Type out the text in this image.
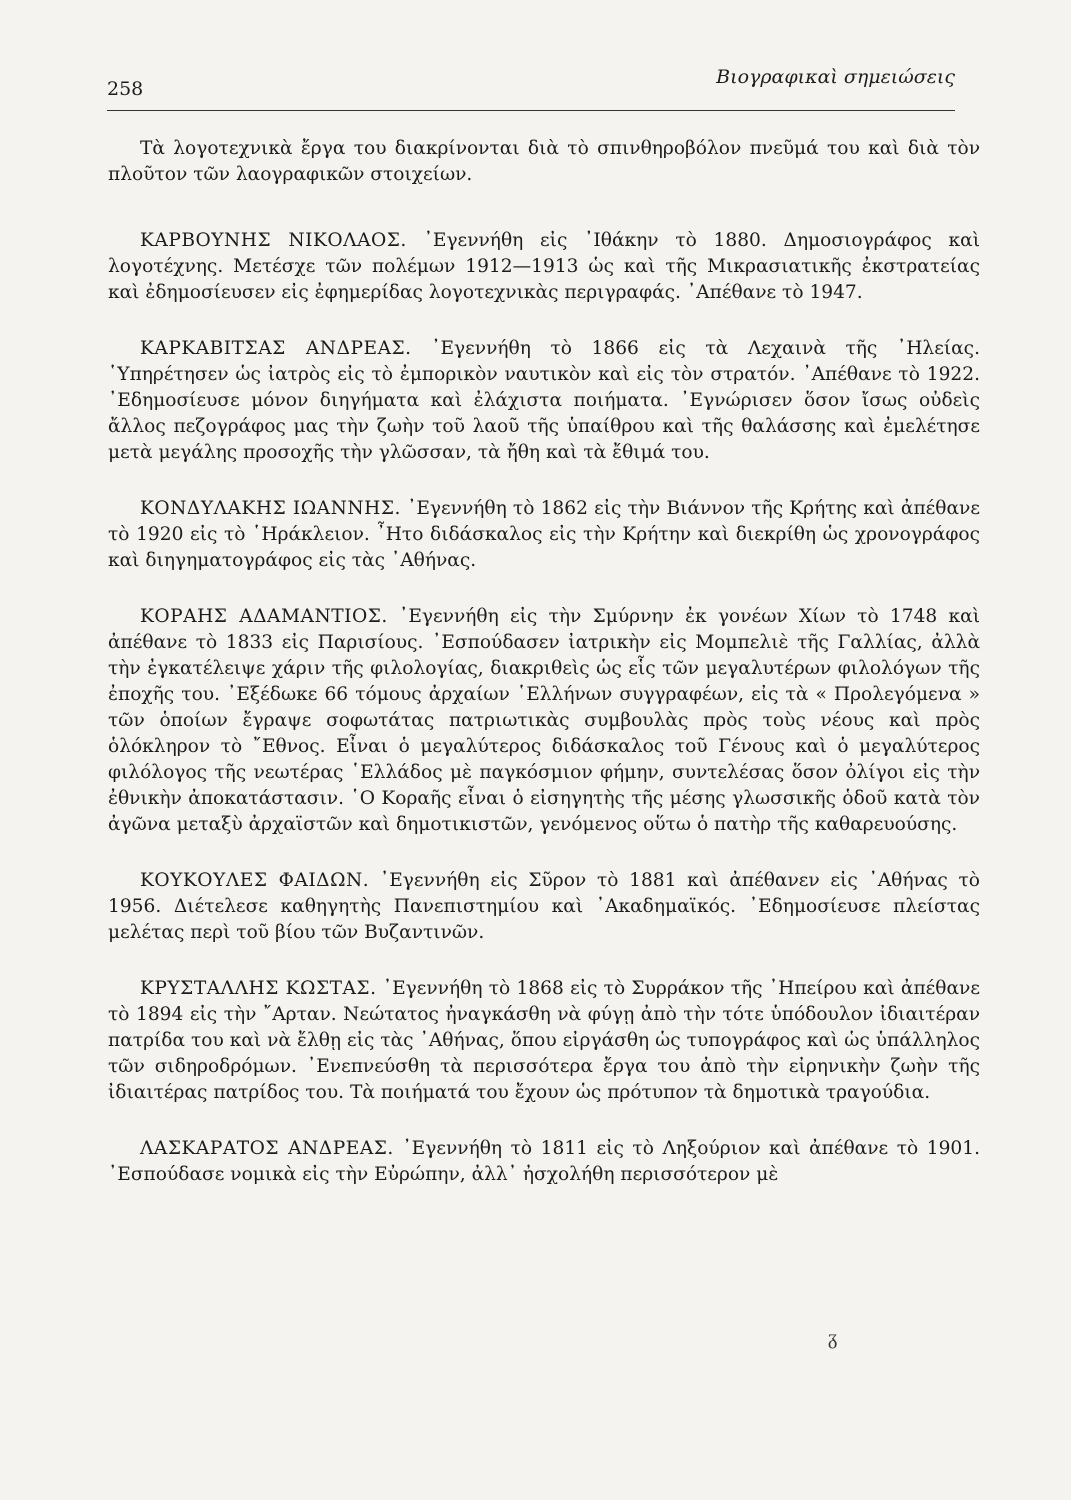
258
Βιογραφικαὶ σημειώσεις

Τὰ λογοτεχνικὰ ἔργα του διακρίνονται διὰ τὸ σπινθηροβόλον πνεῦμά του καὶ διὰ τὸν πλοῦτον τῶν λαογραφικῶν στοιχείων.

ΚΑΡΒΟΥΝΗΣ ΝΙΚΟΛΑΟΣ. ᾿Εγεννήθη εἰς ᾿Ιθάκην τὸ 1880. Δημοσιογράφος καὶ λογοτέχνης. Μετέσχε τῶν πολέμων 1912—1913 ὡς καὶ τῆς Μικρασιατικῆς ἐκστρατείας καὶ ἐδημοσίευσεν εἰς ἐφημερίδας λογοτεχνικὰς περιγραφάς. ᾿Απέθανε τὸ 1947.

ΚΑΡΚΑΒΙΤΣΑΣ ΑΝΔΡΕΑΣ. ᾿Εγεννήθη τὸ 1866 εἰς τὰ Λεχαινὰ τῆς ᾿Ηλείας. ῾Υπηρέτησεν ὡς ἰατρὸς εἰς τὸ ἐμπορικὸν ναυτικὸν καὶ εἰς τὸν στρατόν. ᾿Απέθανε τὸ 1922. ᾿Εδημοσίευσε μόνον διηγήματα καὶ ἐλάχιστα ποιήματα. ᾿Εγνώρισεν ὅσον ἴσως οὐδεὶς ἄλλος πεζογράφος μας τὴν ζωὴν τοῦ λαοῦ τῆς ὑπαίθρου καὶ τῆς θαλάσσης καὶ ἐμελέτησε μετὰ μεγάλης προσοχῆς τὴν γλῶσσαν, τὰ ἤθη καὶ τὰ ἔθιμά του.

ΚΟΝΔΥΛΑΚΗΣ ΙΩΑΝΝΗΣ. ᾿Εγεννήθη τὸ 1862 εἰς τὴν Βιάννον τῆς Κρήτης καὶ ἀπέθανε τὸ 1920 εἰς τὸ ῾Ηράκλειον. ῏Ητο διδάσκαλος εἰς τὴν Κρήτην καὶ διεκρίθη ὡς χρονογράφος καὶ διηγηματογράφος εἰς τὰς ᾿Αθήνας.

ΚΟΡΑΗΣ ΑΔΑΜΑΝΤΙΟΣ. ᾿Εγεννήθη εἰς τὴν Σμύρνην ἐκ γονέων Χίων τὸ 1748 καὶ ἀπέθανε τὸ 1833 εἰς Παρισίους. ᾿Εσπούδασεν ἰατρικὴν εἰς Μομπελιὲ τῆς Γαλλίας, ἀλλὰ τὴν ἐγκατέλειψε χάριν τῆς φιλολογίας, διακριθεὶς ὡς εἷς τῶν μεγαλυτέρων φιλολόγων τῆς ἐποχῆς του. ᾿Εξέδωκε 66 τόμους ἀρχαίων ῾Ελλήνων συγγραφέων, εἰς τὰ « Προλεγόμενα » τῶν ὁποίων ἔγραψε σοφωτάτας πατριωτικὰς συμβουλὰς πρὸς τοὺς νέους καὶ πρὸς ὁλόκληρον τὸ ῎Εθνος. Εἶναι ὁ μεγαλύτερος διδάσκαλος τοῦ Γένους καὶ ὁ μεγαλύτερος φιλόλογος τῆς νεωτέρας ῾Ελλάδος μὲ παγκόσμιον φήμην, συντελέσας ὅσον ὀλίγοι εἰς τὴν ἐθνικὴν ἀποκατάστασιν. ῾Ο Κοραῆς εἶναι ὁ εἰσηγητὴς τῆς μέσης γλωσσικῆς ὁδοῦ κατὰ τὸν ἀγῶνα μεταξὺ ἀρχαϊστῶν καὶ δημοτικιστῶν, γενόμενος οὕτω ὁ πατὴρ τῆς καθαρευούσης.

ΚΟΥΚΟΥΛΕΣ ΦΑΙΔΩΝ. ᾿Εγεννήθη εἰς Σῦρον τὸ 1881 καὶ ἀπέθανεν εἰς ᾿Αθήνας τὸ 1956. Διέτελεσε καθηγητὴς Πανεπιστημίου καὶ ᾿Ακαδημαϊκός. ᾿Εδημοσίευσε πλείστας μελέτας περὶ τοῦ βίου τῶν Βυζαντινῶν.

ΚΡΥΣΤΑΛΛΗΣ ΚΩΣΤΑΣ. ᾿Εγεννήθη τὸ 1868 εἰς τὸ Συρράκον τῆς ᾿Ηπείρου καὶ ἀπέθανε τὸ 1894 εἰς τὴν ῎Αρταν. Νεώτατος ἠναγκάσθη νὰ φύγῃ ἀπὸ τὴν τότε ὑπόδουλον ἰδιαιτέραν πατρίδα του καὶ νὰ ἔλθῃ εἰς τὰς ᾿Αθήνας, ὅπου εἰργάσθη ὡς τυπογράφος καὶ ὡς ὑπάλληλος τῶν σιδηροδρόμων. ᾿Ενεπνεύσθη τὰ περισσότερα ἔργα του ἀπὸ τὴν εἰρηνικὴν ζωὴν τῆς ἰδιαιτέρας πατρίδος του. Τὰ ποιήματά του ἔχουν ὡς πρότυπον τὰ δημοτικὰ τραγούδια.

ΛΑΣΚΑΡΑΤΟΣ ΑΝΔΡΕΑΣ. ᾿Εγεννήθη τὸ 1811 εἰς τὸ Ληξούριον καὶ ἀπέθανε τὸ 1901. ᾿Εσπούδασε νομικὰ εἰς τὴν Εὐρώπην, ἀλλ᾿ ἠσχολήθη περισσότερον μὲ

ᵹ
